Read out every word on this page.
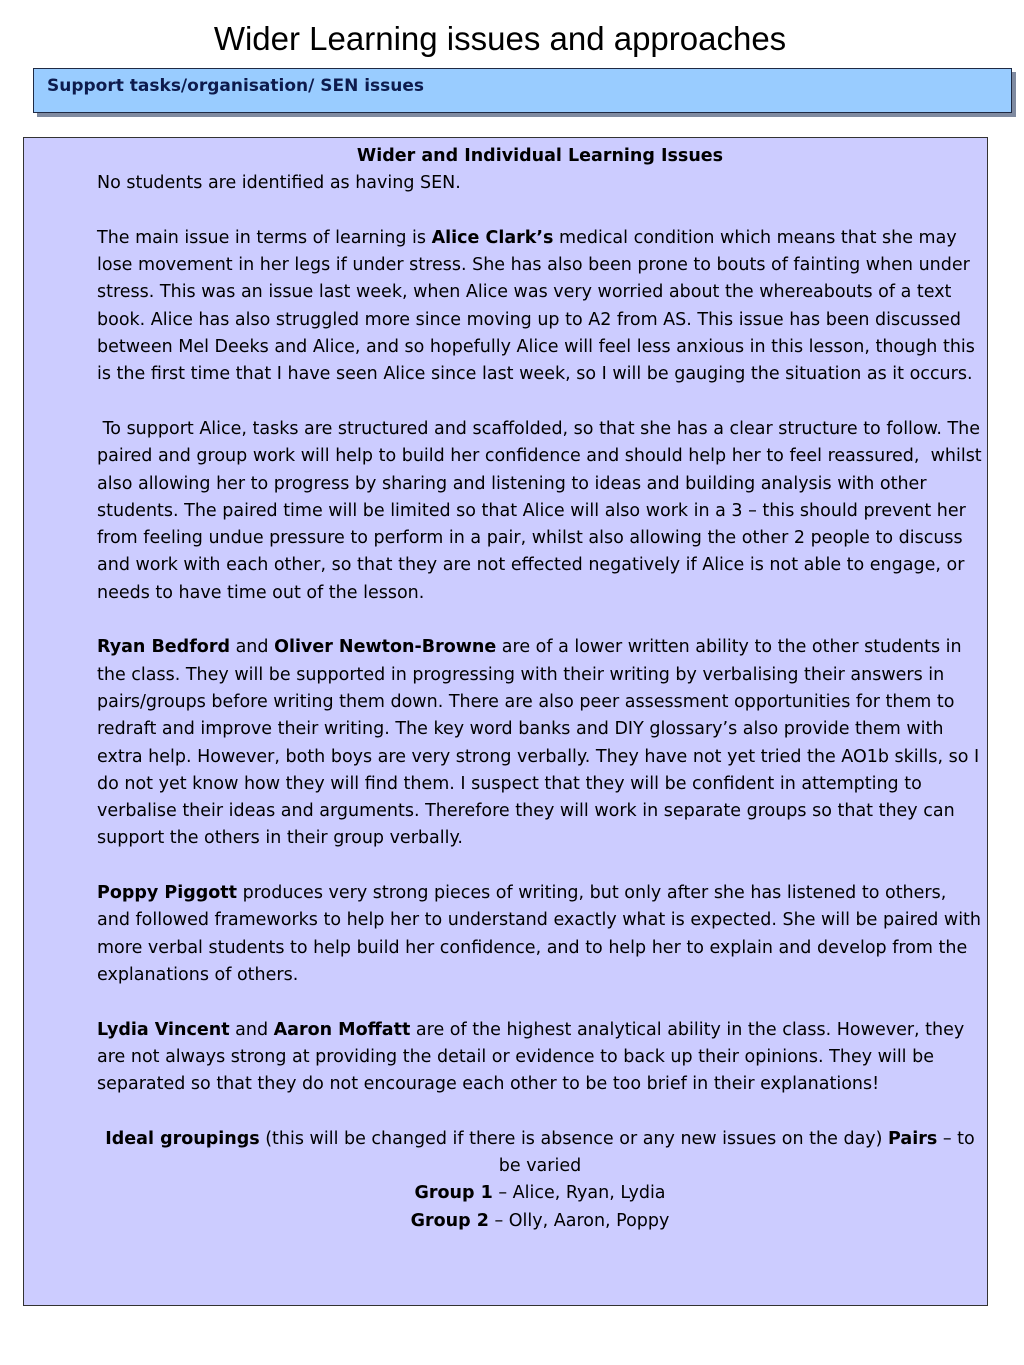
Wider Learning issues and approaches
Support tasks/organisation/ SEN issues

Wider and Individual Learning Issues

No students are identified as having SEN.

The main issue in terms of learning is Alice Clark’s medical condition which means that she may lose movement in her legs if under stress. She has also been prone to bouts of fainting when under stress. This was an issue last week, when Alice was very worried about the whereabouts of a text book. Alice has also struggled more since moving up to A2 from AS. This issue has been discussed between Mel Deeks and Alice, and so hopefully Alice will feel less anxious in this lesson, though this is the first time that I have seen Alice since last week, so I will be gauging the situation as it occurs.

To support Alice, tasks are structured and scaffolded, so that she has a clear structure to follow. The paired and group work will help to build her confidence and should help her to feel reassured,  whilst also allowing her to progress by sharing and listening to ideas and building analysis with other students. The paired time will be limited so that Alice will also work in a 3 – this should prevent her from feeling undue pressure to perform in a pair, whilst also allowing the other 2 people to discuss and work with each other, so that they are not effected negatively if Alice is not able to engage, or needs to have time out of the lesson.

Ryan Bedford and Oliver Newton-Browne are of a lower written ability to the other students in the class. They will be supported in progressing with their writing by verbalising their answers in pairs/groups before writing them down. There are also peer assessment opportunities for them to redraft and improve their writing. The key word banks and DIY glossary’s also provide them with extra help. However, both boys are very strong verbally. They have not yet tried the AO1b skills, so I do not yet know how they will find them. I suspect that they will be confident in attempting to verbalise their ideas and arguments. Therefore they will work in separate groups so that they can support the others in their group verbally.

Poppy Piggott produces very strong pieces of writing, but only after she has listened to others, and followed frameworks to help her to understand exactly what is expected. She will be paired with more verbal students to help build her confidence, and to help her to explain and develop from the explanations of others.

Lydia Vincent and Aaron Moffatt are of the highest analytical ability in the class. However, they are not always strong at providing the detail or evidence to back up their opinions. They will be separated so that they do not encourage each other to be too brief in their explanations!

Ideal groupings (this will be changed if there is absence or any new issues on the day) Pairs – to be varied

Group 1 – Alice, Ryan, Lydia

Group 2 – Olly, Aaron, Poppy
